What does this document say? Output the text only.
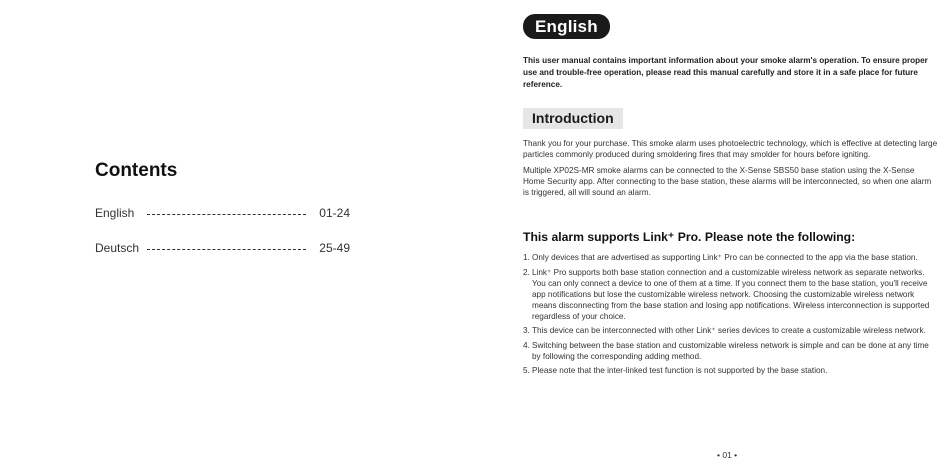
Contents
English	01-24
Deutsch	25-49
English
This user manual contains important information about your smoke alarm's operation. To ensure proper use and trouble-free operation, please read this manual carefully and store it in a safe place for future reference.
Introduction
Thank you for your purchase. This smoke alarm uses photoelectric technology, which is effective at detecting large particles commonly produced during smoldering fires that may smolder for hours before igniting.
Multiple XP02S-MR smoke alarms can be connected to the X-Sense SBS50 base station using the X-Sense Home Security app. After connecting to the base station, these alarms will be interconnected, so when one alarm is triggered, all will sound an alarm.
This alarm supports Link⁺ Pro. Please note the following:
1. Only devices that are advertised as supporting Link⁺ Pro can be connected to the app via the base station.
2. Link⁺ Pro supports both base station connection and a customizable wireless network as separate networks. You can only connect a device to one of them at a time. If you connect them to the base station, you'll receive app notifications but lose the customizable wireless network. Choosing the customizable wireless network means disconnecting from the base station and losing app notifications. Wireless interconnection is supported regardless of your choice.
3. This device can be interconnected with other Link⁺ series devices to create a customizable wireless network.
4. Switching between the base station and customizable wireless network is simple and can be done at any time by following the corresponding adding method.
5. Please note that the inter-linked test function is not supported by the base station.
• 01 •
